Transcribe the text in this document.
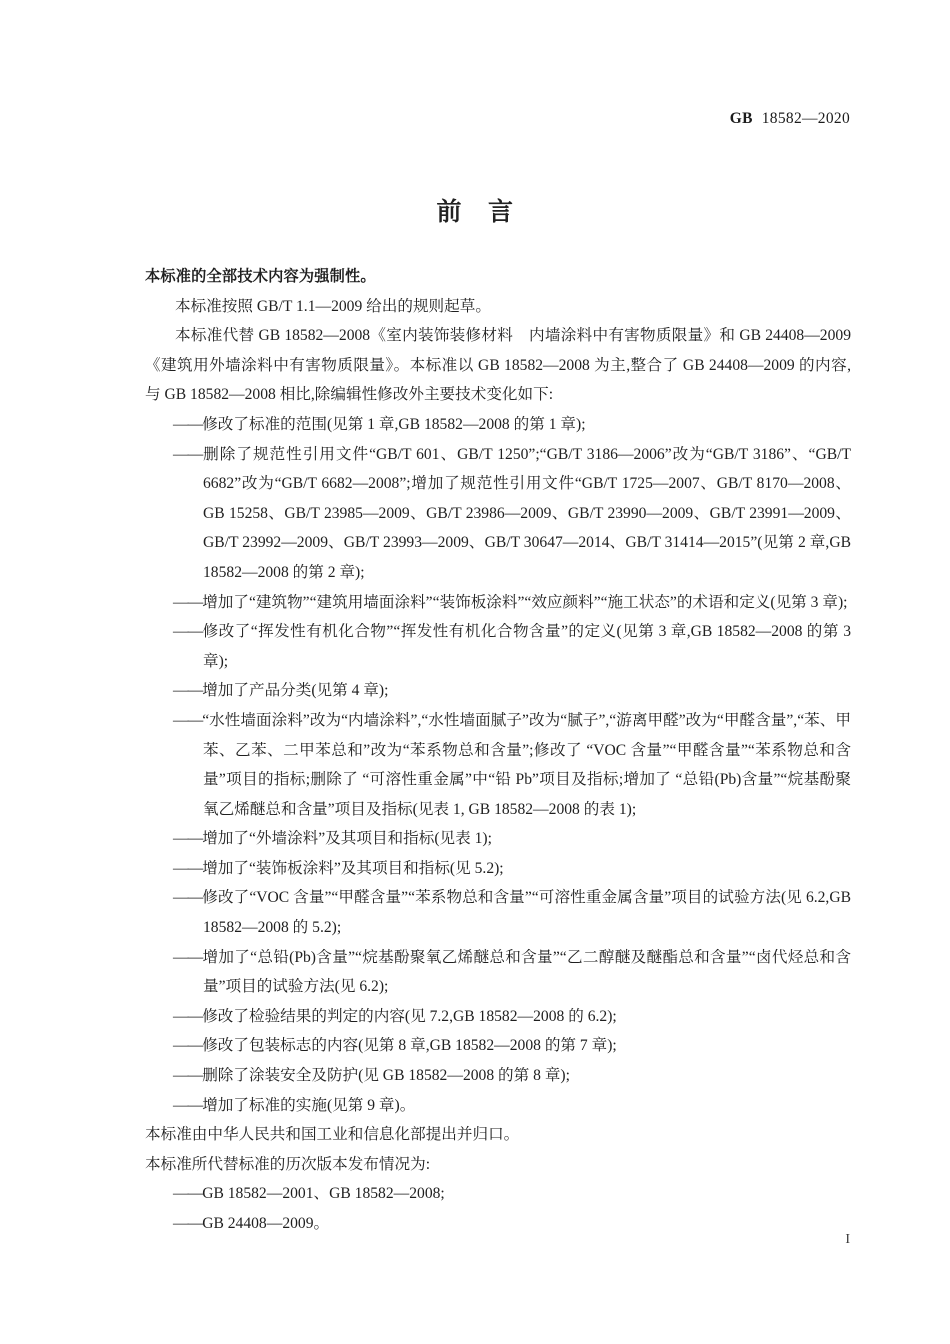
GB 18582—2020
前 言

本标准的全部技术内容为强制性。

本标准按照 GB/T 1.1—2009 给出的规则起草。

本标准代替 GB 18582—2008《室内装饰装修材料　内墙涂料中有害物质限量》和 GB 24408—2009《建筑用外墙涂料中有害物质限量》。本标准以 GB 18582—2008 为主,整合了 GB 24408—2009 的内容,与 GB 18582—2008 相比,除编辑性修改外主要技术变化如下:

——修改了标准的范围(见第 1 章,GB 18582—2008 的第 1 章);

——删除了规范性引用文件“GB/T 601、GB/T 1250”;“GB/T 3186—2006”改为“GB/T 3186”、“GB/T 6682”改为“GB/T 6682—2008”;增加了规范性引用文件“GB/T 1725—2007、GB/T 8170—2008、GB 15258、GB/T 23985—2009、GB/T 23986—2009、GB/T 23990—2009、GB/T 23991—2009、GB/T 23992—2009、GB/T 23993—2009、GB/T 30647—2014、GB/T 31414—2015”(见第 2 章,GB 18582—2008 的第 2 章);

——增加了“建筑物”“建筑用墙面涂料”“装饰板涂料”“效应颜料”“施工状态”的术语和定义(见第 3 章);

——修改了“挥发性有机化合物”“挥发性有机化合物含量”的定义(见第 3 章,GB 18582—2008 的第 3 章);

——增加了产品分类(见第 4 章);

——“水性墙面涂料”改为“内墙涂料”,“水性墙面腻子”改为“腻子”,“游离甲醛”改为“甲醛含量”,“苯、甲苯、乙苯、二甲苯总和”改为“苯系物总和含量”;修改了 “VOC 含量”“甲醛含量”“苯系物总和含量”项目的指标;删除了 “可溶性重金属”中“铅 Pb”项目及指标;增加了 “总铅(Pb)含量”“烷基酚聚氧乙烯醚总和含量”项目及指标(见表 1, GB 18582—2008 的表 1);

——增加了“外墙涂料”及其项目和指标(见表 1);

——增加了“装饰板涂料”及其项目和指标(见 5.2);

——修改了“VOC 含量”“甲醛含量”“苯系物总和含量”“可溶性重金属含量”项目的试验方法(见 6.2,GB 18582—2008 的 5.2);

——增加了“总铅(Pb)含量”“烷基酚聚氧乙烯醚总和含量”“乙二醇醚及醚酯总和含量”“卤代烃总和含量”项目的试验方法(见 6.2);

——修改了检验结果的判定的内容(见 7.2,GB 18582—2008 的 6.2);

——修改了包装标志的内容(见第 8 章,GB 18582—2008 的第 7 章);

——删除了涂装安全及防护(见 GB 18582—2008 的第 8 章);

——增加了标准的实施(见第 9 章)。

本标准由中华人民共和国工业和信息化部提出并归口。

本标准所代替标准的历次版本发布情况为:

——GB 18582—2001、GB 18582—2008;

——GB 24408—2009。

I
